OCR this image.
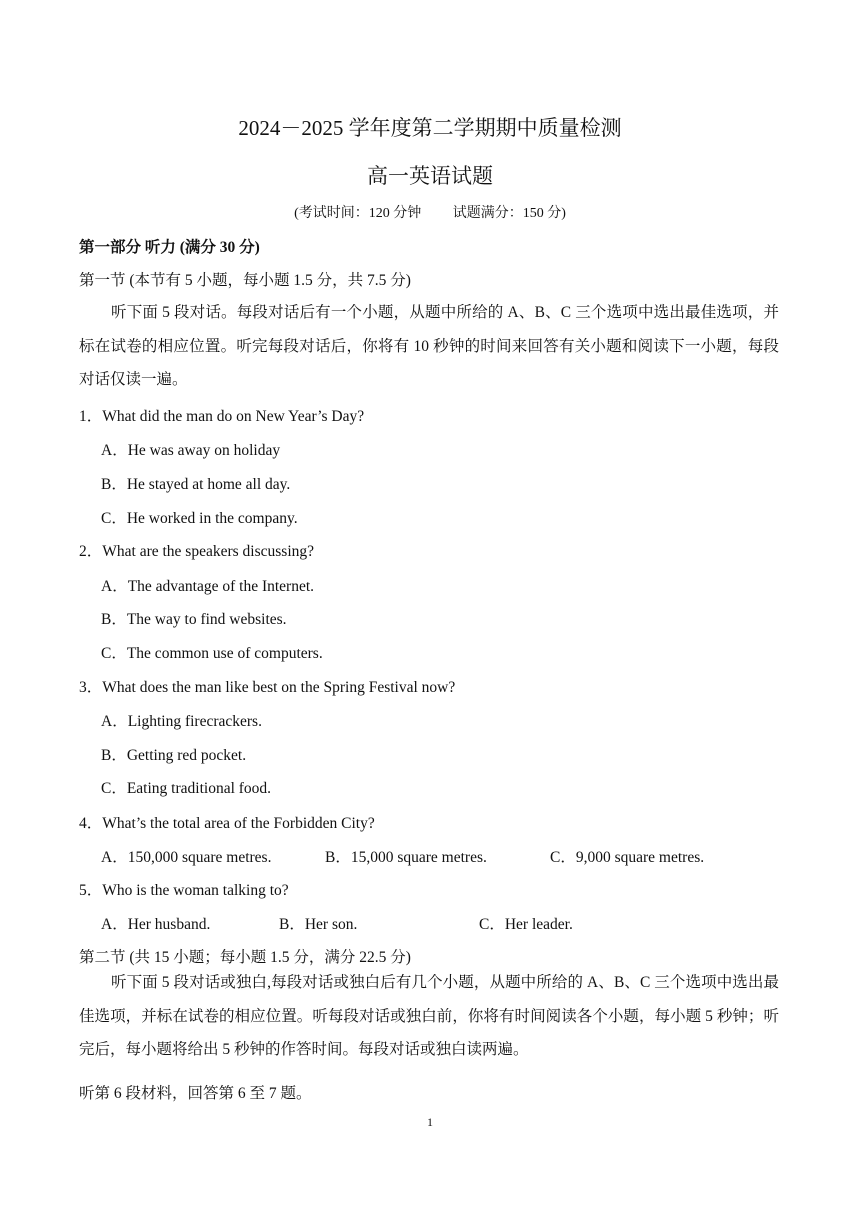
2024－2025 学年度第二学期期中质量检测
高一英语试题
(考试时间：120 分钟 试题满分：150 分)
第一部分 听力 (满分 30 分)
第一节 (本节有 5 小题，每小题 1.5 分，共 7.5 分)
听下面 5 段对话。每段对话后有一个小题，从题中所给的 A、B、C 三个选项中选出最佳选项，并标在试卷的相应位置。听完每段对话后，你将有 10 秒钟的时间来回答有关小题和阅读下一小题，每段对话仅读一遍。
1．What did the man do on New Year’s Day?
A．He was away on holiday
B．He stayed at home all day.
C．He worked in the company.
2．What are the speakers discussing?
A．The advantage of the Internet.
B．The way to find websites.
C．The common use of computers.
3．What does the man like best on the Spring Festival now?
A．Lighting firecrackers.
B．Getting red pocket.
C．Eating traditional food.
4．What’s the total area of the Forbidden City?
A．150,000 square metres.	B．15,000 square metres.	C．9,000 square metres.
5．Who is the woman talking to?
A．Her husband.	B．Her son.	C．Her leader.
第二节 (共 15 小题；每小题 1.5 分，满分 22.5 分)
听下面 5 段对话或独白,每段对话或独白后有几个小题，从题中所给的 A、B、C 三个选项中选出最佳选项，并标在试卷的相应位置。听每段对话或独白前，你将有时间阅读各个小题，每小题 5 秒钟；听完后，每小题将给出 5 秒钟的作答时间。每段对话或独白读两遍。
听第 6 段材料，回答第 6 至 7 题。
1
